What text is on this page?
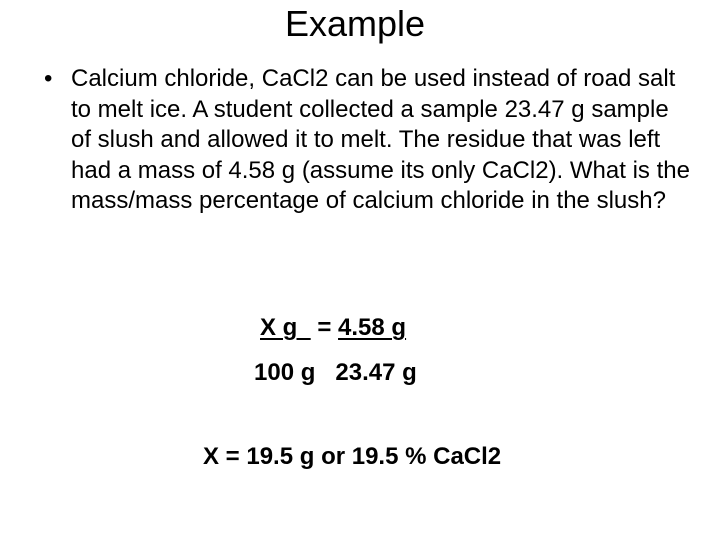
Example
• Calcium chloride, CaCl2 can be used instead of road salt to melt ice. A student collected a sample 23.47 g sample of slush and allowed it to melt. The residue that was left had a mass of 4.58 g (assume its only CaCl2). What is the mass/mass percentage of calcium chloride in the slush?
X g   = 4.58 g
100 g 23.47 g
X = 19.5 g or 19.5 % CaCl2
